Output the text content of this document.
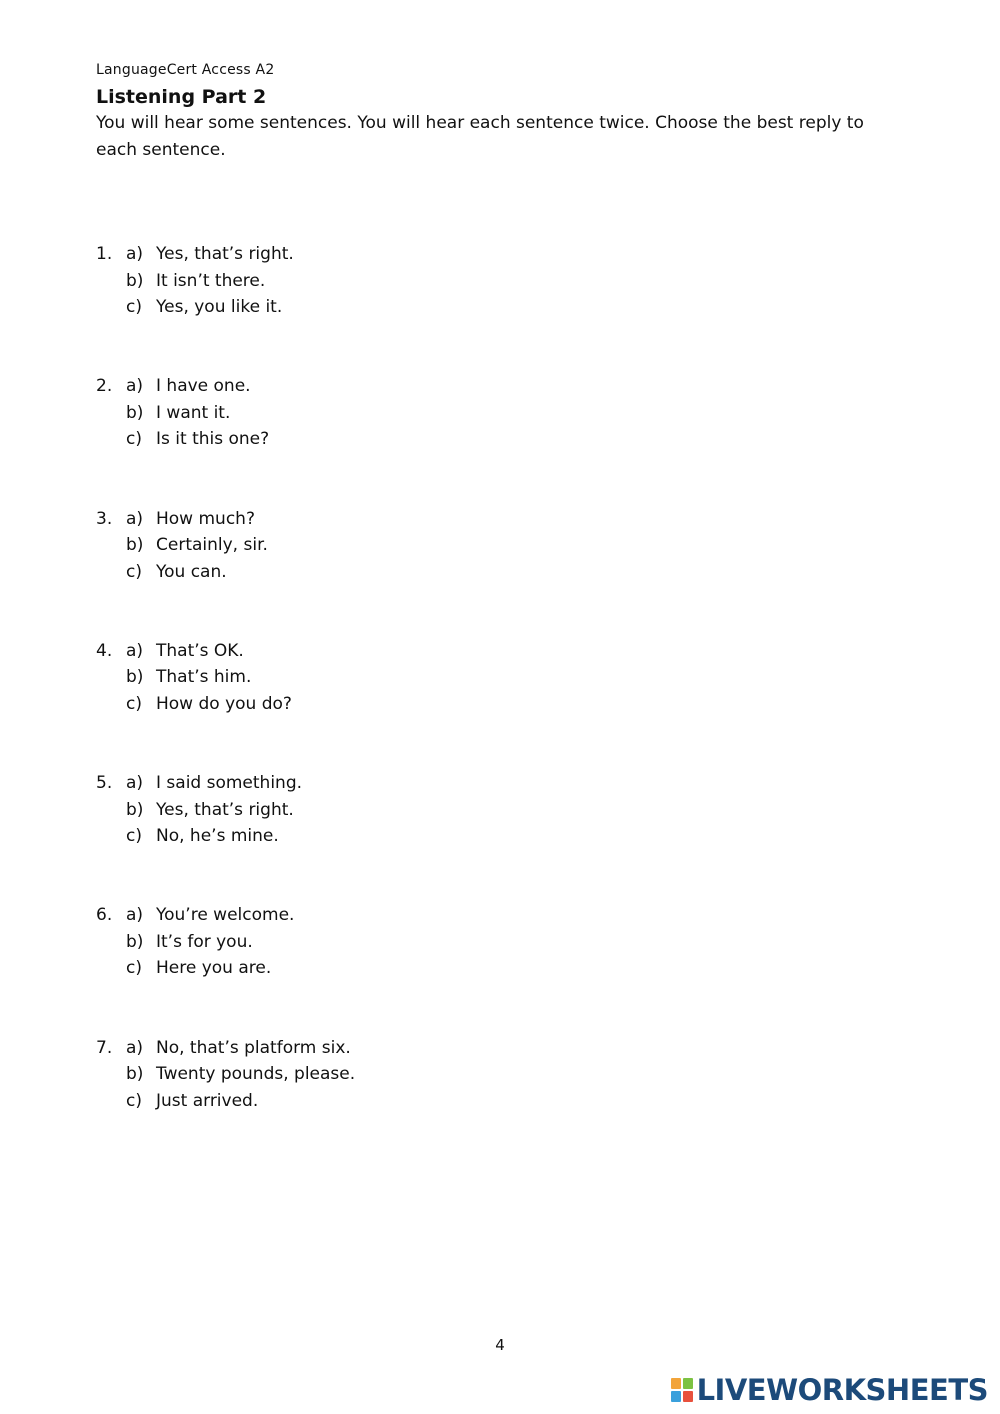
LanguageCert Access A2
Listening Part 2
You will hear some sentences. You will hear each sentence twice. Choose the best reply to each sentence.
1. a) Yes, that’s right.
b) It isn’t there.
c) Yes, you like it.
2. a) I have one.
b) I want it.
c) Is it this one?
3. a) How much?
b) Certainly, sir.
c) You can.
4. a) That’s OK.
b) That’s him.
c) How do you do?
5. a) I said something.
b) Yes, that’s right.
c) No, he’s mine.
6. a) You’re welcome.
b) It’s for you.
c) Here you are.
7. a) No, that’s platform six.
b) Twenty pounds, please.
c) Just arrived.
4
LIVEWORKSHEETS
